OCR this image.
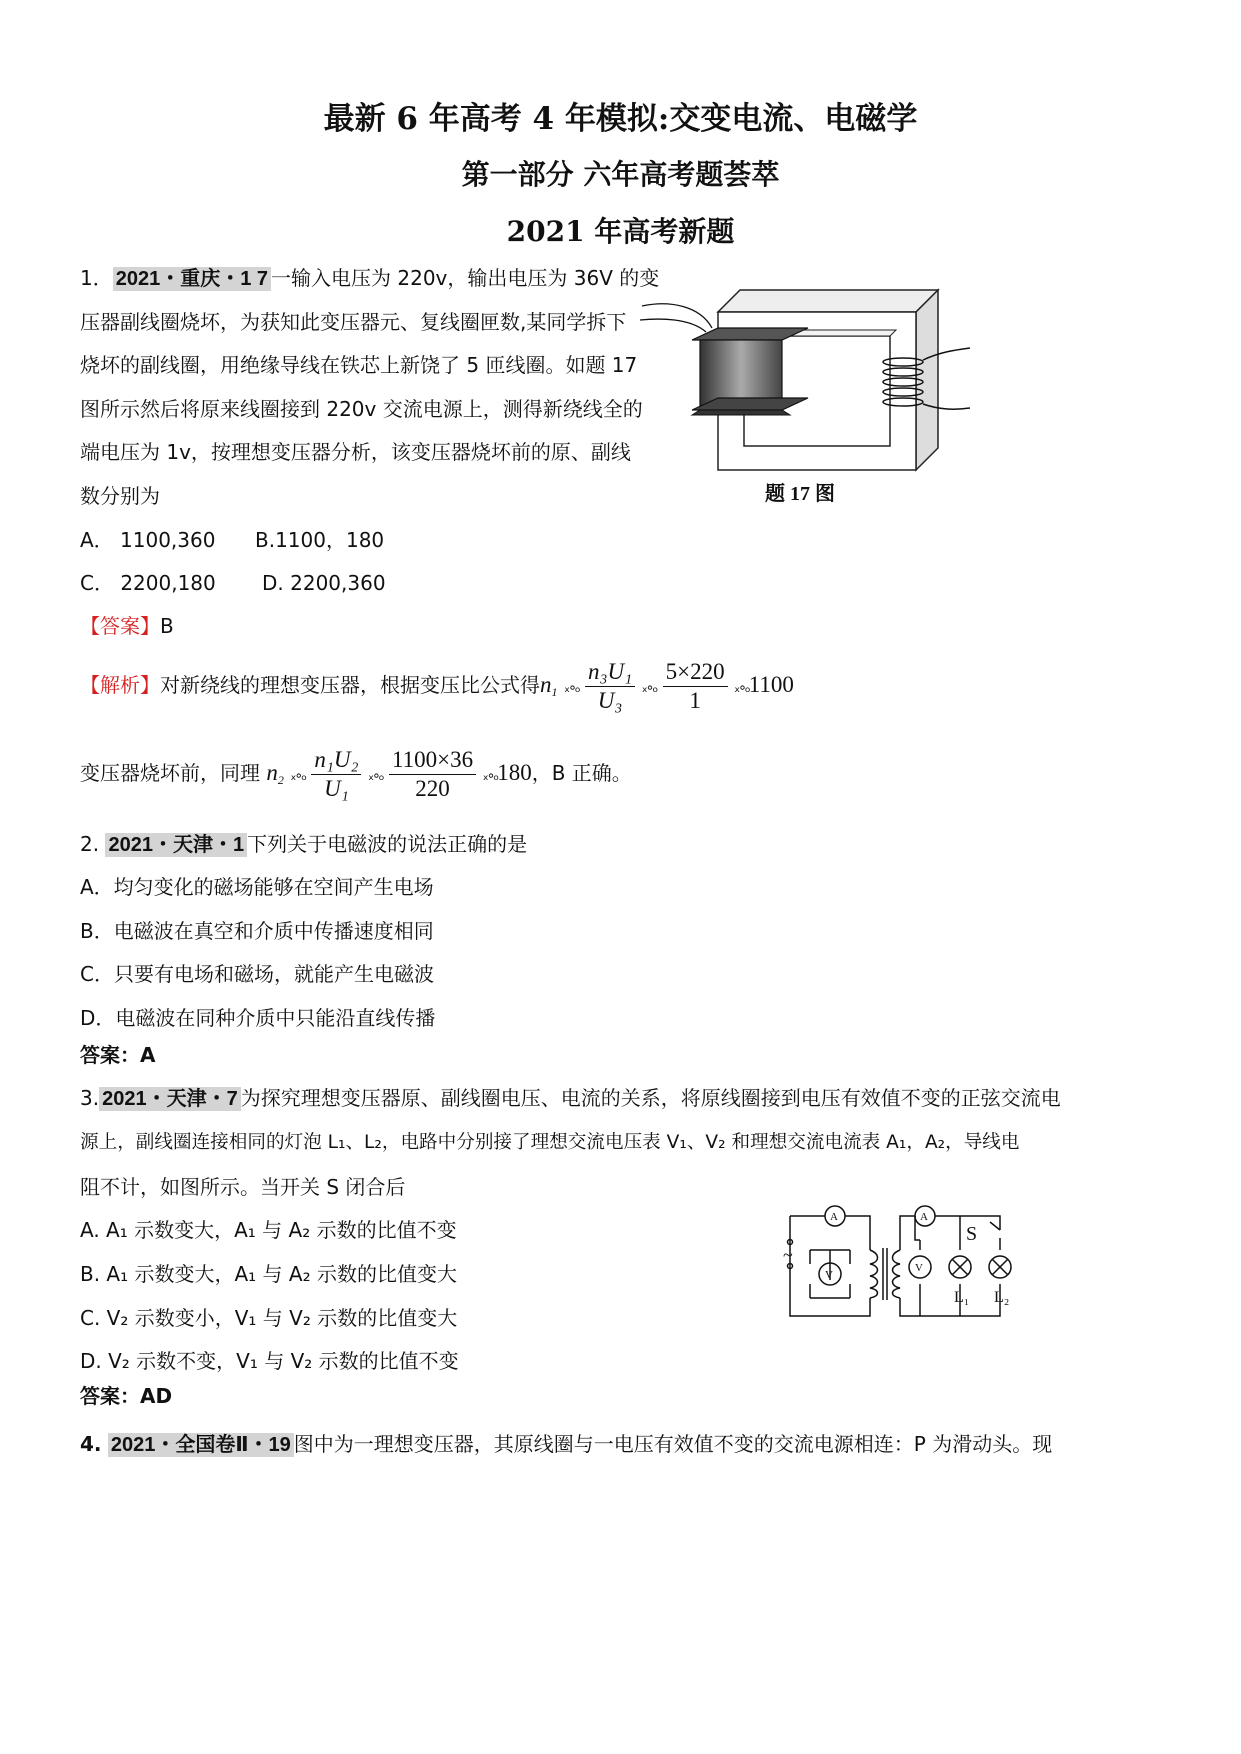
最新 6 年高考 4 年模拟:交变电流、电磁学
第一部分 六年高考题荟萃
2021 年高考新题
1． 2021・重庆・1 7 一输入电压为 220v，输出电压为 36V 的变
压器副线圈烧坏，为获知此变压器元、复线圈匣数,某同学拆下
烧坏的副线圈，用绝缘导线在铁芯上新饶了 5 匝线圈。如题 17
图所示然后将原来线圈接到 220v 交流电源上，测得新绕线全的
端电压为 1v，按理想变压器分析，该变压器烧坏前的原、副线
数分别为
A． 1100,360 B.1100，180
C． 2200,180 D. 2200,360
【答案】B
题 17 图
【解析】对新绕线的理想变压器，根据变压比公式得$n_1$ ₓ∘ₒ $\frac{\text{n₃U₁}}{\text{U₃}}$ ₓ∘ₒ $\frac{5\times 220}{1}$ ₓ∘ₒ1100
变压器烧坏前，同理 $n_2$ ₓ∘ₒ $\frac{\text{n₁U₂}}{\text{U₁}}$ ₓ∘ₒ $\frac{1100\times 36}{220}$ ₓ∘ₒ180，B 正确。
2. 2021・天津・1 下列关于电磁波的说法正确的是
A．均匀变化的磁场能够在空间产生电场
B．电磁波在真空和介质中传播速度相同
C．只要有电场和磁场，就能产生电磁波
D．电磁波在同种介质中只能沿直线传播
答案：A
3. 2021・天津・7 为探究理想变压器原、副线圈电压、电流的关系，将原线圈接到电压有效值不变的正弦交流电
源上，副线圈连接相同的灯泡 L₁、L₂，电路中分别接了理想交流电压表 V₁、V₂ 和理想交流电流表 A₁，A₂，导线电
阻不计，如图所示。当开关 S 闭合后
A. A₁ 示数变大，A₁ 与 A₂ 示数的比值不变
B. A₁ 示数变大，A₁ 与 A₂ 示数的比值变大
C. V₂ 示数变小，V₁ 与 V₂ 示数的比值变大
D. V₂ 示数不变，V₁ 与 V₂ 示数的比值不变
答案：AD
A
V
A
V
S
L₁ L₂
~
4. 2021・全国卷Ⅱ・19 图中为一理想变压器，其原线圈与一电压有效值不变的交流电源相连：P 为滑动头。现
